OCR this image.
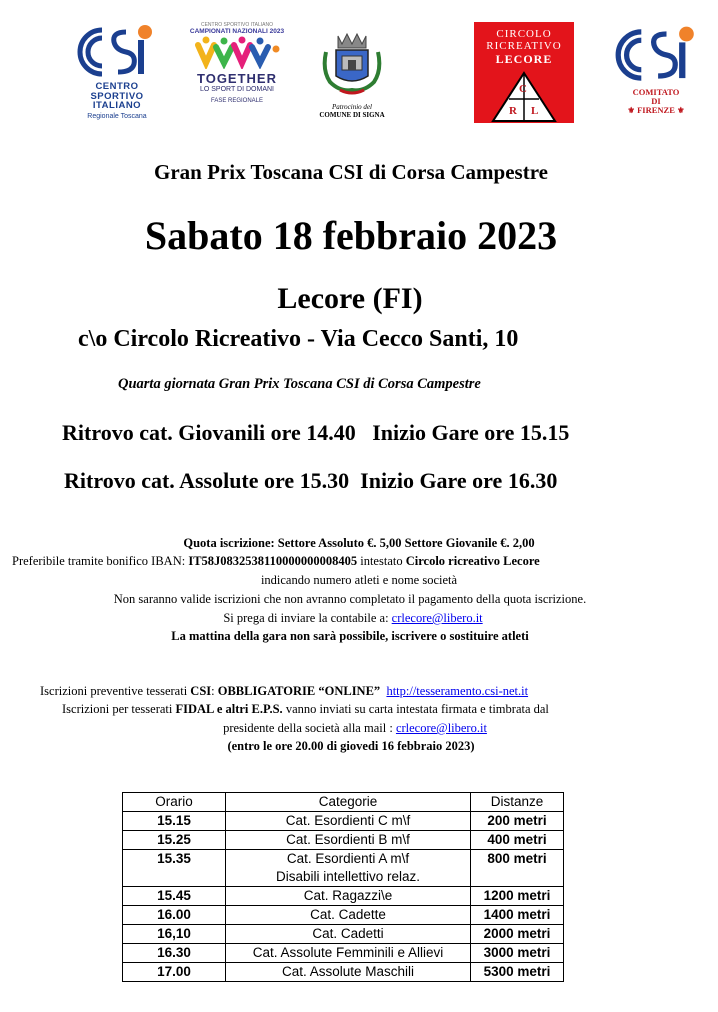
CENTRO
SPORTIVO
ITALIANO
Regionale Toscana
CENTRO SPORTIVO ITALIANO
CAMPIONATI NAZIONALI 2023
TOGETHER
LO SPORT DI DOMANI
FASE REGIONALE
Patrocinio del
COMUNE DI SIGNA
CIRCOLO
RICREATIVO
LECORE
C
R L
COMITATO
DI
⚜ FIRENZE ⚜
Gran Prix Toscana CSI di Corsa Campestre
Sabato 18 febbraio 2023
Lecore (FI)
c\o Circolo Ricreativo - Via Cecco Santi, 10
Quarta giornata Gran Prix Toscana CSI di Corsa Campestre
Ritrovo cat. Giovanili ore 14.40   Inizio Gare ore 15.15
Ritrovo cat. Assolute ore 15.30  Inizio Gare ore 16.30
Quota iscrizione: Settore Assoluto €. 5,00 Settore Giovanile €. 2,00
Preferibile tramite bonifico IBAN: IT58J0832538110000000008405 intestato Circolo ricreativo Lecore
indicando numero atleti e nome società
Non saranno valide iscrizioni che non avranno completato il pagamento della quota iscrizione.
Si prega di inviare la contabile a: crlecore@libero.it
La mattina della gara non sarà possibile, iscrivere o sostituire atleti
Iscrizioni preventive tesserati CSI: OBBLIGATORIE “ONLINE” http://tesseramento.csi-net.it
Iscrizioni per tesserati FIDAL e altri E.P.S. vanno inviati su carta intestata firmata e timbrata dal
presidente della società alla mail : crlecore@libero.it
(entro le ore 20.00 di giovedi 16 febbraio 2023)
Orario	Categorie	Distanze
15.15	Cat. Esordienti C m\f	200 metri
15.25	Cat. Esordienti B m\f	400 metri
15.35	Cat. Esordienti A m\f
Disabili intellettivo relaz.	800 metri
15.45	Cat. Ragazzi\e	1200 metri
16.00	Cat. Cadette	1400 metri
16,10	Cat. Cadetti	2000 metri
16.30	Cat. Assolute Femminili e Allievi	3000 metri
17.00	Cat. Assolute Maschili	5300 metri
